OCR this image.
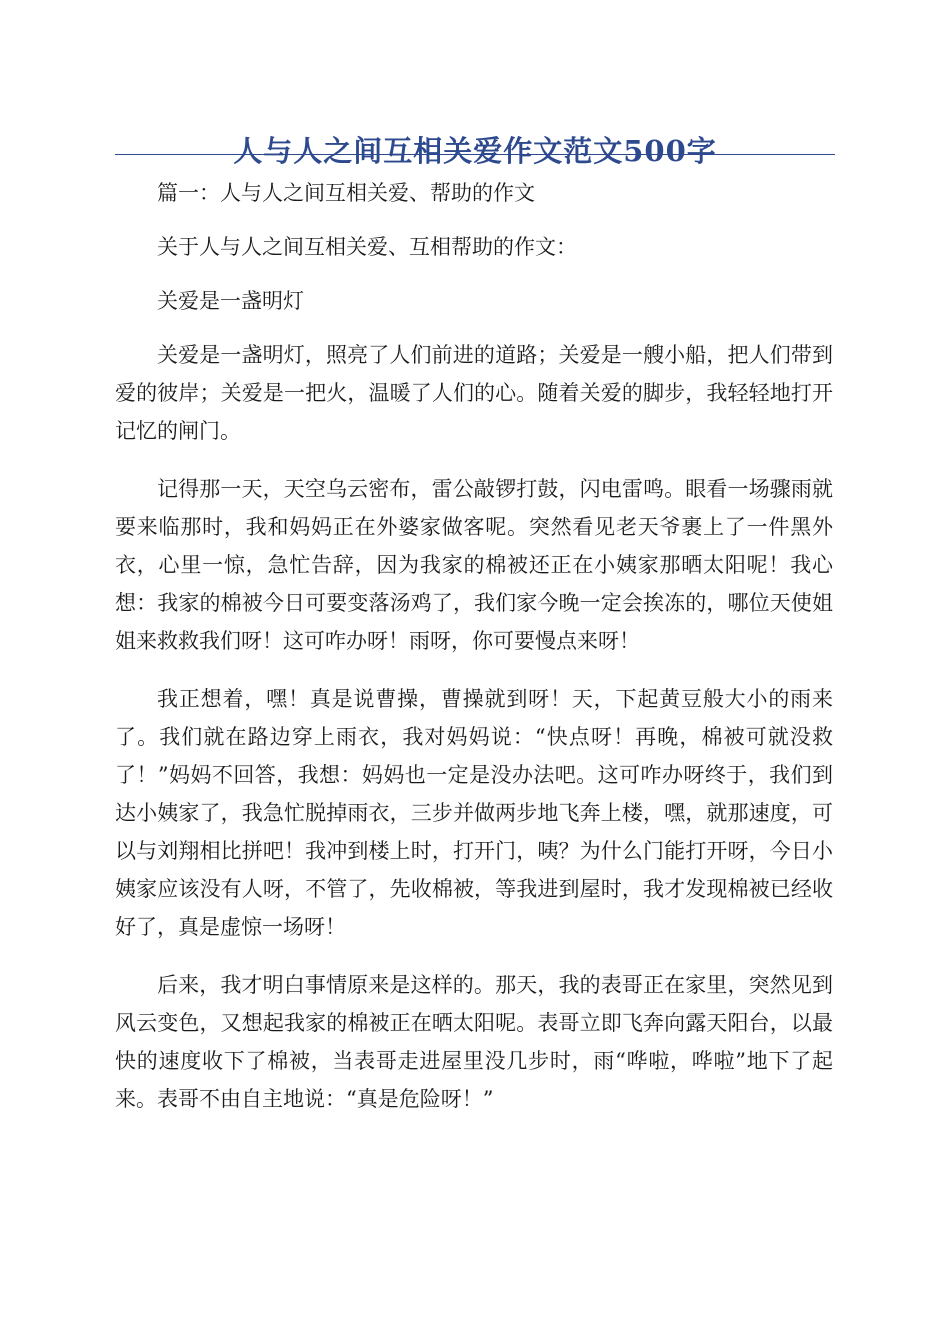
人与人之间互相关爱作文范文500字

篇一：人与人之间互相关爱、帮助的作文

关于人与人之间互相关爱、互相帮助的作文：

关爱是一盏明灯

关爱是一盏明灯，照亮了人们前进的道路；关爱是一艘小船，把人们带到爱的彼岸；关爱是一把火，温暖了人们的心。随着关爱的脚步，我轻轻地打开记忆的闸门。

记得那一天，天空乌云密布，雷公敲锣打鼓，闪电雷鸣。眼看一场骤雨就要来临那时，我和妈妈正在外婆家做客呢。突然看见老天爷裹上了一件黑外衣，心里一惊，急忙告辞，因为我家的棉被还正在小姨家那晒太阳呢！我心想：我家的棉被今日可要变落汤鸡了，我们家今晚一定会挨冻的，哪位天使姐姐来救救我们呀！这可咋办呀！雨呀，你可要慢点来呀！

我正想着，嘿！真是说曹操，曹操就到呀！天，下起黄豆般大小的雨来了。我们就在路边穿上雨衣，我对妈妈说：“快点呀！再晚，棉被可就没救了！”妈妈不回答，我想：妈妈也一定是没办法吧。这可咋办呀终于，我们到达小姨家了，我急忙脱掉雨衣，三步并做两步地飞奔上楼，嘿，就那速度，可以与刘翔相比拼吧！我冲到楼上时，打开门，咦？为什么门能打开呀，今日小姨家应该没有人呀，不管了，先收棉被，等我进到屋时，我才发现棉被已经收好了，真是虚惊一场呀！

后来，我才明白事情原来是这样的。那天，我的表哥正在家里，突然见到风云变色，又想起我家的棉被正在晒太阳呢。表哥立即飞奔向露天阳台，以最快的速度收下了棉被，当表哥走进屋里没几步时，雨“哗啦，哗啦”地下了起来。表哥不由自主地说：“真是危险呀！”
